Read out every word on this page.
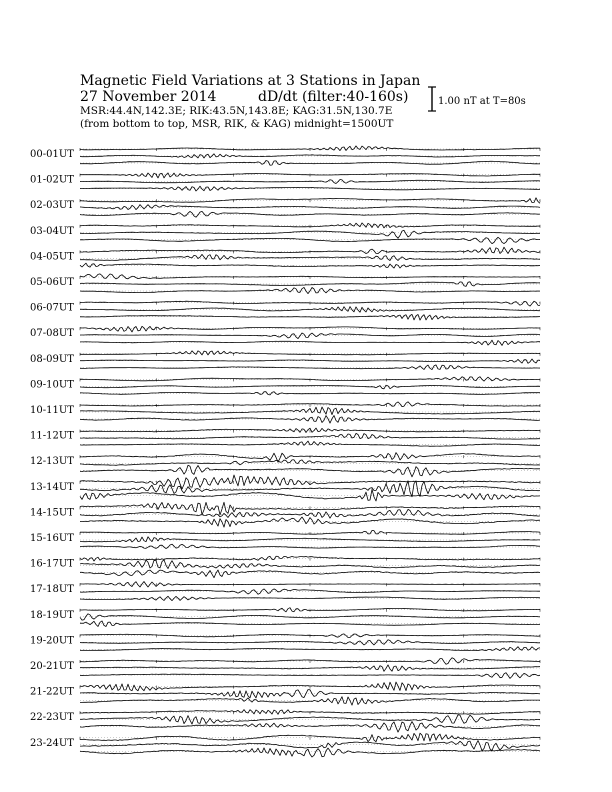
Magnetic Field Variations at 3 Stations in Japan
27 November 2014	dD/dt (filter:40-160s)
MSR:44.4N,142.3E; RIK:43.5N,143.8E; KAG:31.5N,130.7E
(from bottom to top, MSR, RIK, & KAG) midnight=1500UT
1.00 nT at T=80s
00-01UT
01-02UT
02-03UT
03-04UT
04-05UT
05-06UT
06-07UT
07-08UT
08-09UT
09-10UT
10-11UT
11-12UT
12-13UT
13-14UT
14-15UT
15-16UT
16-17UT
17-18UT
18-19UT
19-20UT
20-21UT
21-22UT
22-23UT
23-24UT
